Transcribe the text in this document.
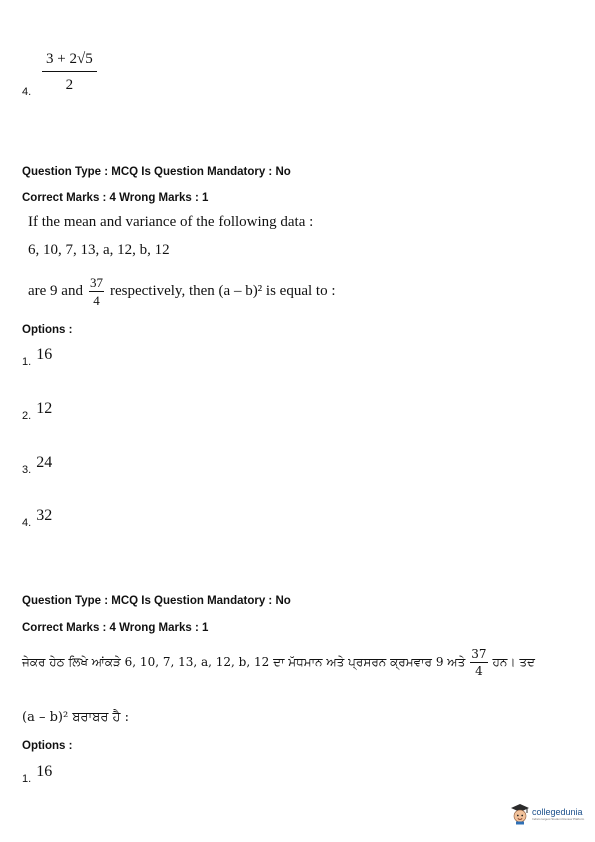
$\frac{3 + 2√5}{2}$
4.
Question Type : MCQ Is Question Mandatory : No
Correct Marks : 4 Wrong Marks : 1
If the mean and variance of the following data :
6, 10, 7, 13, a, 12, b, 12
are 9 and $\frac{37}{4}$ respectively, then (a – b)² is equal to :
Options :
1. 16
2. 12
3. 24
4. 32
Question Type : MCQ Is Question Mandatory : No
Correct Marks : 4 Wrong Marks : 1
ਜੇਕਰ ਹੇਠ ਲਿਖੇ ਆਂਕੜੇ 6, 10, 7, 13, a, 12, b, 12 ਦਾ ਮੱਧਮਾਨ ਅਤੇ ਪ੍ਰਸਰਨ ਕ੍ਰਮਵਾਰ 9 ਅਤੇ $\frac{37}{4}$ ਹਨ। ਤਦ
(a – b)² ਬਰਾਬਰ ਹੈ :
Options :
1. 16
collegedunia
India's largest Student Review Platform
